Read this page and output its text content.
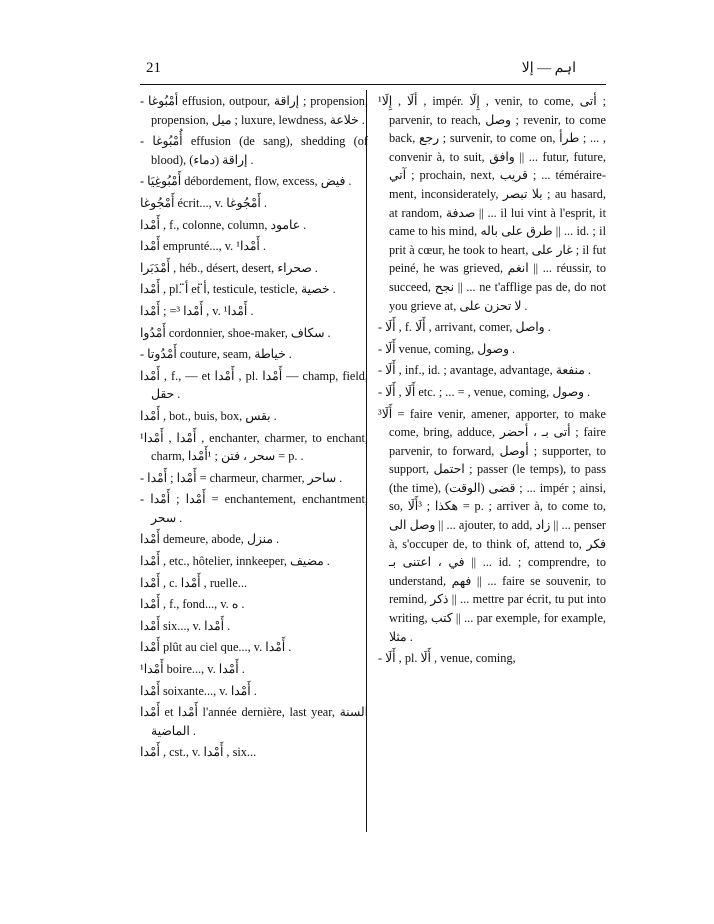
21	اہم — إلا

- أُمْبُوغا effusion, outpour, إراقة ; propension, propension, ميل ; luxure, lewdness, خلاعة .

- أُمْبُوغا effusion (de sang), shedding (of blood), إراقة (دماء) .

- أَمْبُوغِيَا débordement, flow, excess, فيض .

أَمْجُوغا écrit..., v. أَمْجُوغا .

أَمْدا , f., colonne, column, عامود .

أَمْدا emprunté..., v. ¹أَمْدا .

أَمْدَبَرا , héb., désert, desert, صحراء .

أَمْدا , pl. أ̈ et أ̈, testicule, testicle, خصية .

أَمْدا ³= ; أَمْدا , v. ¹أَمْدا .

أَمْدُوا cordonnier, shoe-maker, سكاف .

- أَمْدُوتا couture, seam, خياطة .

أَمْدا , f., — et أَمْدا , pl. أَمْدا — champ, field, حقل .

أَمْدا , bot., buis, box, بقس .

¹أَمْدا , أَمْدا , enchanter, charmer, to enchant, charm, سحر ، فتن ; ¹أَمْدا = p. .

- أَمْدا ; أَمْدا = charmeur, charmer, ساحر .

- أَمْدا ; أَمْدا = enchantement, enchantment, سحر .

أَمْدا demeure, abode, منزل .

أَمْدا , etc., hôtelier, innkeeper, مضيف .

أَمْدا , c. أَمْدا , ruelle...

أَمْدا , f., fond..., v. ه .

أَمْدا six..., v. أَمْدا .

أَمْدا plût au ciel que..., v. أَمْدا .

¹أَمْدا boire..., v. أَمْدا .

أَمْدا soixante..., v. أَمْدا .

أَمْدا et أَمْدا l'année dernière, last year, السنة الماضية .

أَمْدا , cst., v. أَمْدا , six...

¹أَلَا , إِلَا , impér. إِلَا , venir, to come, أتى ; parvenir, to reach, وصل ; revenir, to come back, رجع ; survenir, to come on, طرأ ; ... , convenir à, to suit, وافق || ... futur, future, آتي ; prochain, next, قريب ; ... téméraire-ment, inconsiderately, بلا تبصر ; au hasard, at random, صدفة || ... il lui vint à l'esprit, it came to his mind, طرق على باله || ... id. ; il prit à cœur, he took to heart, غار على ; il fut peiné, he was grieved, انغم || ... réussir, to succeed, نجح || ... ne t'afflige pas de, do not you grieve at, لا تحزن على .

- أَلَا , f. أَلَا , arrivant, comer, واصل .

- أَلَا venue, coming, وصول .

- أَلَا , inf., id. ; avantage, advantage, منفعة .

- أَلَا , أَلَا etc. ; ... = , venue, coming, وصول .

³أَلَا = faire venir, amener, apporter, to make come, bring, adduce, أتى بـ ، أحضر ; faire parvenir, to forward, أوصل ; supporter, to support, احتمل ; passer (le temps), to pass (the time), قضى (الوقت) ; ... impér ; ainsi, so, هكذا ; ³أَلَا = p. ; arriver à, to come to, وصل الى || ... ajouter, to add, زاد || ... penser à, s'occuper de, to think of, attend to, فكر في ، اعتنى بـ || ... id. ; comprendre, to understand, فهم || ... faire se souvenir, to remind, ذكر || ... mettre par écrit, tu put into writing, كتب || ... par exemple, for example, مثلا .

- أَلَا , pl. أَلَا , venue, coming,
